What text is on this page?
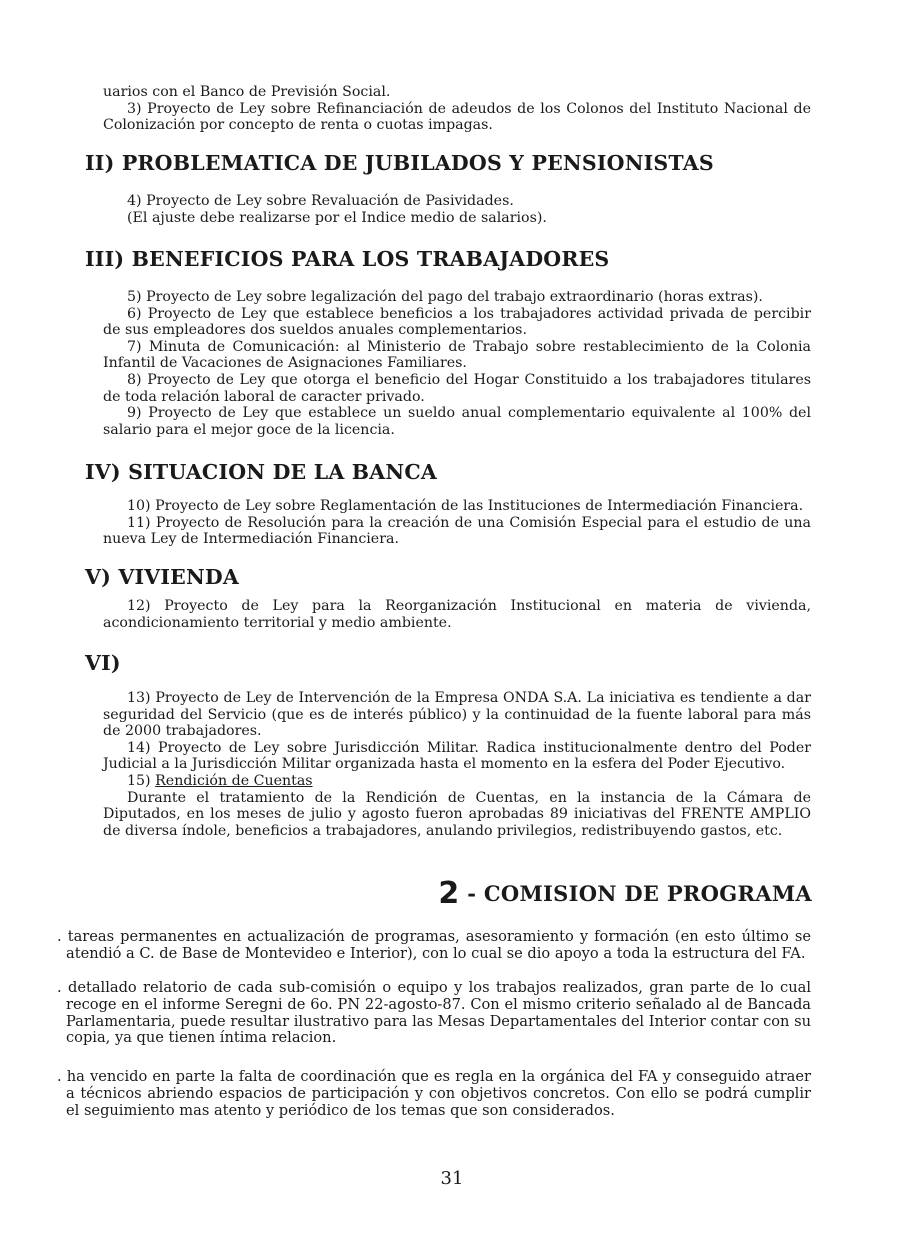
uarios con el Banco de Previsión Social.

3) Proyecto de Ley sobre Refinanciación de adeudos de los Colonos del Instituto Nacional de Colonización por concepto de renta o cuotas impagas.

II) PROBLEMATICA DE JUBILADOS Y PENSIONISTAS

4) Proyecto de Ley sobre Revaluación de Pasividades.

(El ajuste debe realizarse por el Indice medio de salarios).

III) BENEFICIOS PARA LOS TRABAJADORES

5) Proyecto de Ley sobre legalización del pago del trabajo extraordinario (horas extras).

6) Proyecto de Ley que establece beneficios a los trabajadores actividad privada de percibir de sus empleadores dos sueldos anuales complementarios.

7) Minuta de Comunicación: al Ministerio de Trabajo sobre restablecimiento de la Colonia Infantil de Vacaciones de Asignaciones Familiares.

8) Proyecto de Ley que otorga el beneficio del Hogar Constituido a los trabajadores titulares de toda relación laboral de caracter privado.

9) Proyecto de Ley que establece un sueldo anual complementario equivalente al 100% del salario para el mejor goce de la licencia.

IV) SITUACION DE LA BANCA

10) Proyecto de Ley sobre Reglamentación de las Instituciones de Intermediación Financiera.

11) Proyecto de Resolución para la creación de una Comisión Especial para el estudio de una nueva Ley de Intermediación Financiera.

V) VIVIENDA

12) Proyecto de Ley para la Reorganización Institucional en materia de vivienda, acondicionamiento territorial y medio ambiente.

VI)

13) Proyecto de Ley de Intervención de la Empresa ONDA S.A. La iniciativa es tendiente a dar seguridad del Servicio (que es de interés público) y la continuidad de la fuente laboral para más de 2000 trabajadores.

14) Proyecto de Ley sobre Jurisdicción Militar. Radica institucionalmente dentro del Poder Judicial a la Jurisdicción Militar organizada hasta el momento en la esfera del Poder Ejecutivo.

15) Rendición de Cuentas

Durante el tratamiento de la Rendición de Cuentas, en la instancia de la Cámara de Diputados, en los meses de julio y agosto fueron aprobadas 89 iniciativas del FRENTE AMPLIO de diversa índole, beneficios a trabajadores, anulando privilegios, redistribuyendo gastos, etc.

2 - COMISION DE PROGRAMA

. tareas permanentes en actualización de programas, asesoramiento y formación (en esto último se atendió a C. de Base de Montevideo e Interior), con lo cual se dio apoyo a toda la estructura del FA.

. detallado relatorio de cada sub-comisión o equipo y los trabajos realizados, gran parte de lo cual recoge en el informe Seregni de 6o. PN 22-agosto-87. Con el mismo criterio señalado al de Bancada Parlamentaria, puede resultar ilustrativo para las Mesas Departamentales del Interior contar con su copia, ya que tienen íntima relacion.

. ha vencido en parte la falta de coordinación que es regla en la orgánica del FA y conseguido atraer a técnicos abriendo espacios de participación y con objetivos concretos. Con ello se podrá cumplir el seguimiento mas atento y periódico de los temas que son considerados.

31
